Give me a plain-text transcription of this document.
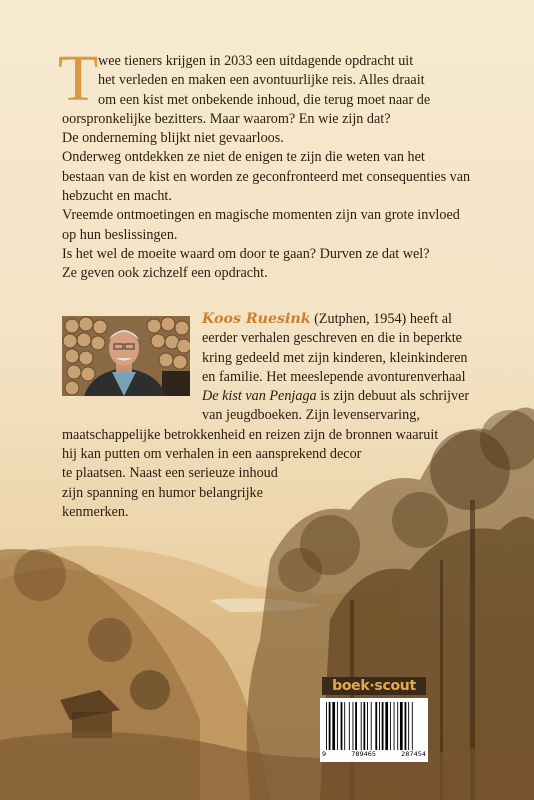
T wee tieners krijgen in 2033 een uitdagende opdracht uit

het verleden en maken een avontuurlijke reis. Alles draait

om een kist met onbekende inhoud, die terug moet naar de

oorspronkelijke bezitters. Maar waarom? En wie zijn dat?

De onderneming blijkt niet gevaarloos.

Onderweg ontdekken ze niet de enigen te zijn die weten van het

bestaan van de kist en worden ze geconfronteerd met consequenties van

hebzucht en macht.

Vreemde ontmoetingen en magische momenten zijn van grote invloed

op hun beslissingen.

Is het wel de moeite waard om door te gaan? Durven ze dat wel?

Ze geven ook zichzelf een opdracht.

Koos Ruesink (Zutphen, 1954) heeft al
eerder verhalen geschreven en die in beperkte
kring gedeeld met zijn kinderen, kleinkinderen
en familie. Het meeslepende avonturenverhaal
De kist van Penjaga is zijn debuut als schrijver
van jeugdboeken. Zijn levenservaring,
maatschappelijke betrokkenheid en reizen zijn de bronnen waaruit
hij kan putten om verhalen in een aansprekend decor
te plaatsen. Naast een serieuze inhoud
zijn spanning en humor belangrijke
kenmerken.
boek·scout
9	789465	287454
